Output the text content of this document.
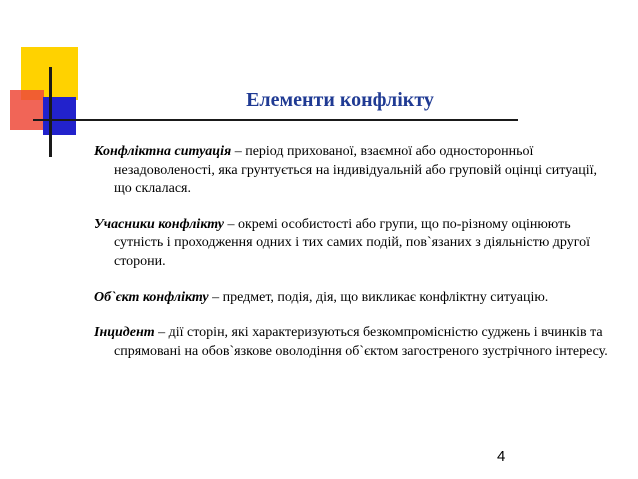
Елементи конфлікту

Конфліктна ситуація – період прихованої, взаємної або односторонньої незадоволеності, яка грунтується на індивідуальній або груповій оцінці ситуації, що склалася.

Учасники конфлікту – окремі особистості або групи, що по-різному оцінюють сутність і проходження одних і тих самих подій, пов`язаних з діяльністю другої сторони.

Об`єкт конфлікту – предмет, подія, дія, що викликає конфліктну ситуацію.

Інцидент – дії сторін, які характеризуються безкомпромісністю суджень і вчинків та спрямовані на обов`язкове оволодіння об`єктом загостреного зустрічного інтересу.

4
